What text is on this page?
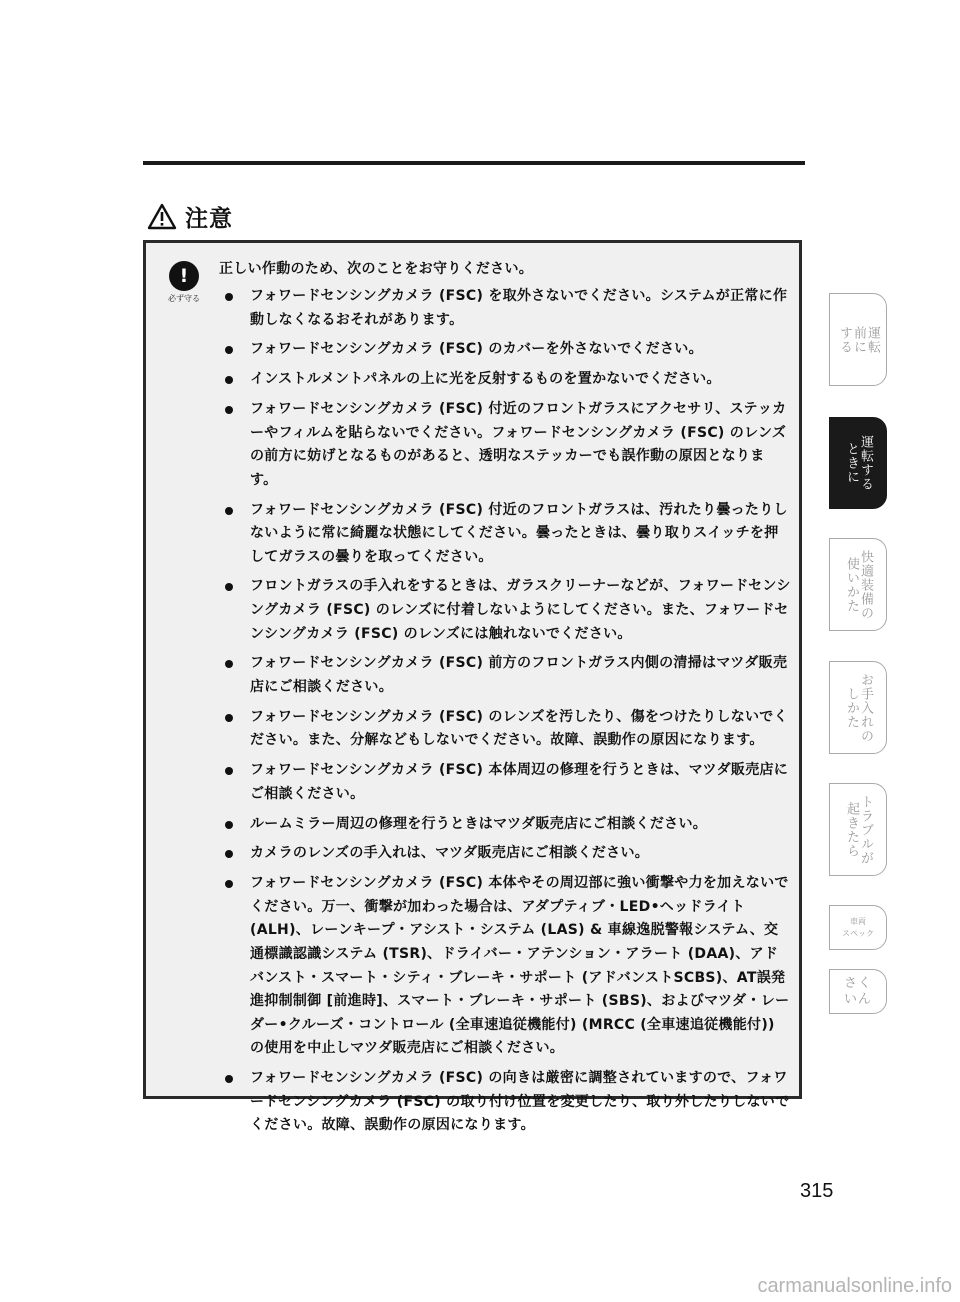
注意
!
必ず守る

正しい作動のため、次のことをお守りください。

フォワードセンシングカメラ (FSC) を取外さないでください。システムが正常に作動しなくなるおそれがあります。
フォワードセンシングカメラ (FSC) のカバーを外さないでください。
インストルメントパネルの上に光を反射するものを置かないでください。
フォワードセンシングカメラ (FSC) 付近のフロントガラスにアクセサリ、ステッカーやフィルムを貼らないでください。フォワードセンシングカメラ (FSC) のレンズの前方に妨げとなるものがあると、透明なステッカーでも誤作動の原因となります。
フォワードセンシングカメラ (FSC) 付近のフロントガラスは、汚れたり曇ったりしないように常に綺麗な状態にしてください。曇ったときは、曇り取りスイッチを押してガラスの曇りを取ってください。
フロントガラスの手入れをするときは、ガラスクリーナーなどが、フォワードセンシングカメラ (FSC) のレンズに付着しないようにしてください。また、フォワードセンシングカメラ (FSC) のレンズには触れないでください。
フォワードセンシングカメラ (FSC) 前方のフロントガラス内側の清掃はマツダ販売店にご相談ください。
フォワードセンシングカメラ (FSC) のレンズを汚したり、傷をつけたりしないでください。また、分解などもしないでください。故障、誤動作の原因になります。
フォワードセンシングカメラ (FSC) 本体周辺の修理を行うときは、マツダ販売店にご相談ください。
ルームミラー周辺の修理を行うときはマツダ販売店にご相談ください。
カメラのレンズの手入れは、マツダ販売店にご相談ください。
フォワードセンシングカメラ (FSC) 本体やその周辺部に強い衝撃や力を加えないでください。万一、衝撃が加わった場合は、アダプティブ・LED•ヘッドライト (ALH)、レーンキープ・アシスト・システム (LAS) & 車線逸脱警報システム、交通標識認識システム (TSR)、ドライバー・アテンション・アラート (DAA)、アドバンスト・スマート・シティ・ブレーキ・サポート (アドバンストSCBS)、AT誤発進抑制制御 [前進時]、スマート・ブレーキ・サポート (SBS)、およびマツダ・レーダー•クルーズ・コントロール (全車速追従機能付) (MRCC (全車速追従機能付)) の使用を中止しマツダ販売店にご相談ください。
フォワードセンシングカメラ (FSC) の向きは厳密に調整されていますので、フォワードセンシングカメラ (FSC) の取り付け位置を変更したり、取り外したりしないでください。故障、誤動作の原因になります。
運転
前に
する
運転する
ときに
快適装備の
使いかた
お手入れの
しかた
トラブルが
起きたら
車両
スペック
さく
いん
315
carmanualsonline.info
